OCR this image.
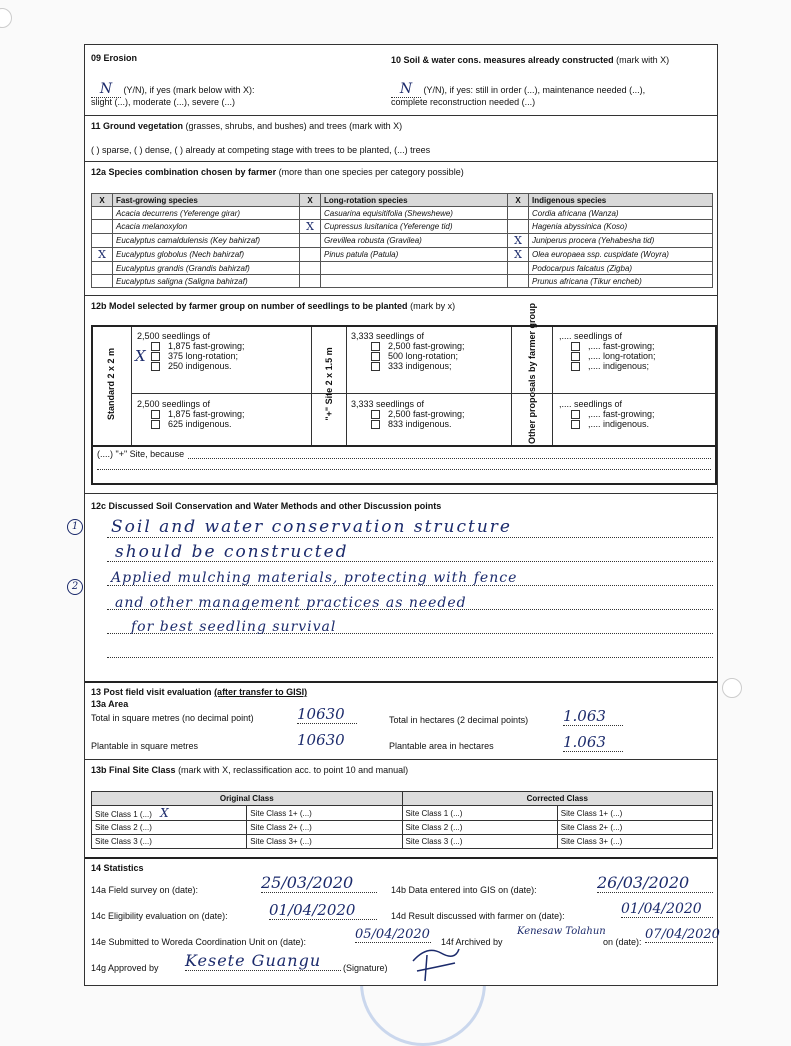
09 Erosion
N (Y/N), if yes (mark below with X):
slight (...), moderate (...), severe (...)
10 Soil & water cons. measures already constructed (mark with X)
N (Y/N), if yes: still in order (...), maintenance needed (...),
complete reconstruction needed (...)
11 Ground vegetation (grasses, shrubs, and bushes) and trees (mark with X)
( ) sparse, ( ) dense, ( ) already at competing stage with trees to be planted, (...) trees
12a Species combination chosen by farmer (more than one species per category possible)
X	Fast-growing species	X	Long-rotation species	X	Indigenous species
	Acacia decurrens (Yeferenge girar)		Casuarina equisitifolia (Shewshewe)		Cordia africana (Wanza)
	Acacia melanoxylon	X	Cupressus lusitanica (Yeferenge tid)		Hagenia abyssinica (Koso)
	Eucalyptus camaldulensis (Key bahirzaf)		Grevillea robusta (Gravilea)	X	Juniperus procera (Yehabesha tid)
X	Eucalyptus globolus (Nech bahirzaf)		Pinus patula (Patula)	X	Olea europaea ssp. cuspidate (Woyra)
	Eucalyptus grandis (Grandis bahirzaf)				Podocarpus falcatus (Zigba)
	Eucalyptus saligna (Saligna bahirzaf)				Prunus africana (Tikur encheb)
12b Model selected by farmer group on number of seedlings to be planted (mark by x)
Standard 2 x 2 m	"+" Site 2 x 1.5 m	Other proposals by farmer group
2,500 seedlings of
1,875 fast-growing;
X 375 long-rotation;
250 indigenous.
2,500 seedlings of
1,875 fast-growing;
625 indigenous.
3,333 seedlings of
2,500 fast-growing;
500 long-rotation;
333 indigenous;
3,333 seedlings of
2,500 fast-growing;
833 indigenous.
,.... seedlings of
,.... fast-growing;
,.... long-rotation;
,.... indigenous;
,.... seedlings of
,.... fast-growing;
,.... indigenous.
(....) "+" Site, because
12c Discussed Soil Conservation and Water Methods and other Discussion points
1 Soil and water conservation structure
should be constructed
2
Applied mulching materials, protecting with fence
and other management practices as needed
for best seedling survival
13 Post field visit evaluation (after transfer to GISI)
13a Area
Total in square metres (no decimal point)	10630	Total in hectares (2 decimal points) 1.063
Plantable in square metres	10630	Plantable area in hectares	1.063
13b Final Site Class (mark with X, reclassification acc. to point 10 and manual)
Original Class		Corrected Class	
Site Class 1 (...) X	Site Class 1+ (...)	Site Class 1 (...)	Site Class 1+ (...)
Site Class 2 (...)	Site Class 2+ (...)	Site Class 2 (...)	Site Class 2+ (...)
Site Class 3 (...)	Site Class 3+ (...)	Site Class 3 (...)	Site Class 3+ (...)
14 Statistics
14a Field survey on (date):	25/03/2020	14b Data entered into GIS on (date):	26/03/2020
14c Eligibility evaluation on (date):	01/04/2020	14d Result discussed with farmer on (date):	01/04/2020
14e Submitted to Woreda Coordination Unit on (date):	05/04/2020 14f Archived by
Kenesaw Tolahun
on (date): 07/04/2020
14g Approved by Kesete Guangu	(Signature)
